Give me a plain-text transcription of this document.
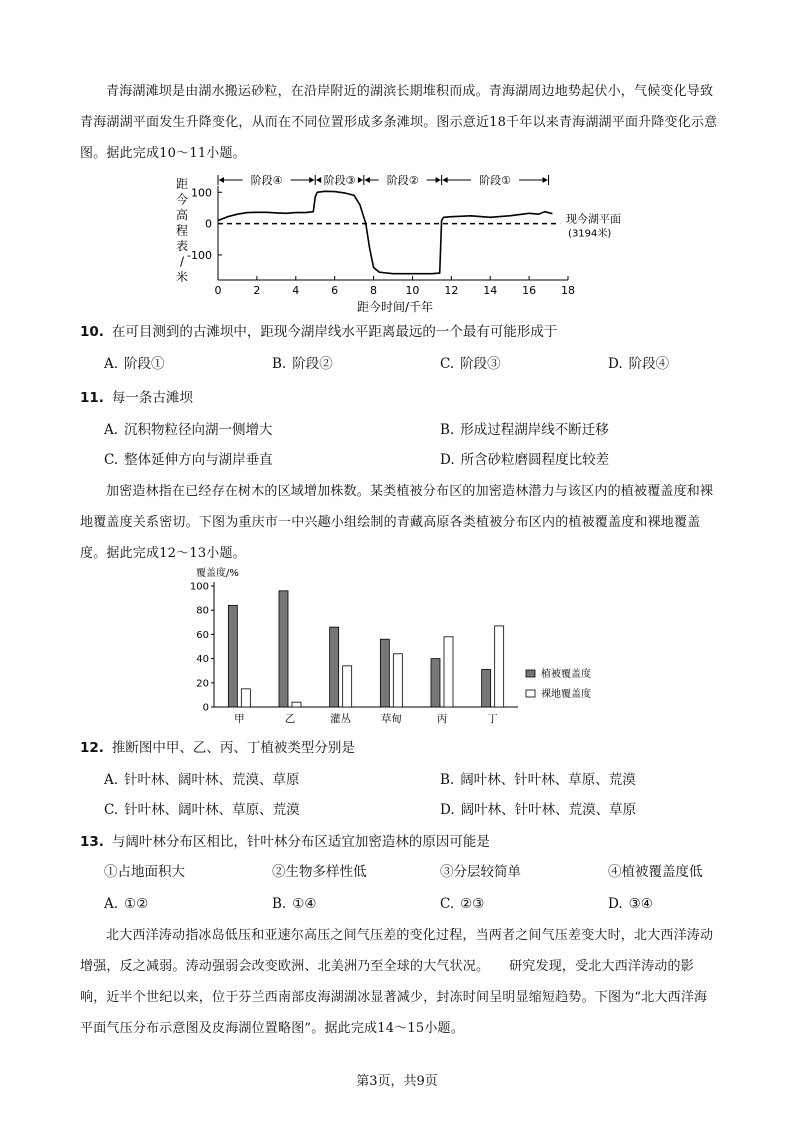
青海湖滩坝是由湖水搬运砂粒，在沿岸附近的湖滨长期堆积而成。青海湖周边地势起伏小，气候变化导致青海湖湖平面发生升降变化，从而在不同位置形成多条滩坝。图示意近18千年以来青海湖湖平面升降变化示意图。据此完成10～11小题。

距
今
高
程
表
/
米
100
0
-100
0	2	4	6	8	10 12 14 16 18
距今时间/千年
阶段④	阶段③	阶段②	阶段①
现今湖平面
(3194米)
10. 在可目测到的古滩坝中，距现今湖岸线水平距离最远的一个最有可能形成于
A. 阶段①	B. 阶段②	C. 阶段③	D. 阶段④
11. 每一条古滩坝
A. 沉积物粒径向湖一侧增大	B. 形成过程湖岸线不断迁移
C. 整体延伸方向与湖岸垂直	D. 所含砂粒磨圆程度比较差

加密造林指在已经存在树木的区域增加株数。某类植被分布区的加密造林潜力与该区内的植被覆盖度和裸地覆盖度关系密切。下图为重庆市一中兴趣小组绘制的青藏高原各类植被分布区内的植被覆盖度和裸地覆盖度。据此完成12～13小题。

覆盖度/%
0
20
40
60
80
100
甲	乙	灌丛	草甸	丙	丁
植被覆盖度
裸地覆盖度
12. 推断图中甲、乙、丙、丁植被类型分别是
A. 针叶林、阔叶林、荒漠、草原	B. 阔叶林、针叶林、草原、荒漠
C. 针叶林、阔叶林、草原、荒漠	D. 阔叶林、针叶林、荒漠、草原
13. 与阔叶林分布区相比，针叶林分布区适宜加密造林的原因可能是
①占地面积大	②生物多样性低	③分层较简单	④植被覆盖度低
A. ①②	B. ①④	C. ②③	D. ③④

北大西洋涛动指冰岛低压和亚速尔高压之间气压差的变化过程，当两者之间气压差变大时，北大西洋涛动增强，反之减弱。涛动强弱会改变欧洲、北美洲乃至全球的大气状况。　　研究发现，受北大西洋涛动的影响，近半个世纪以来，位于芬兰西南部皮海湖湖冰显著减少，封冻时间呈明显缩短趋势。下图为“北大西洋海平面气压分布示意图及皮海湖位置略图”。据此完成14～15小题。

第3页，共9页
